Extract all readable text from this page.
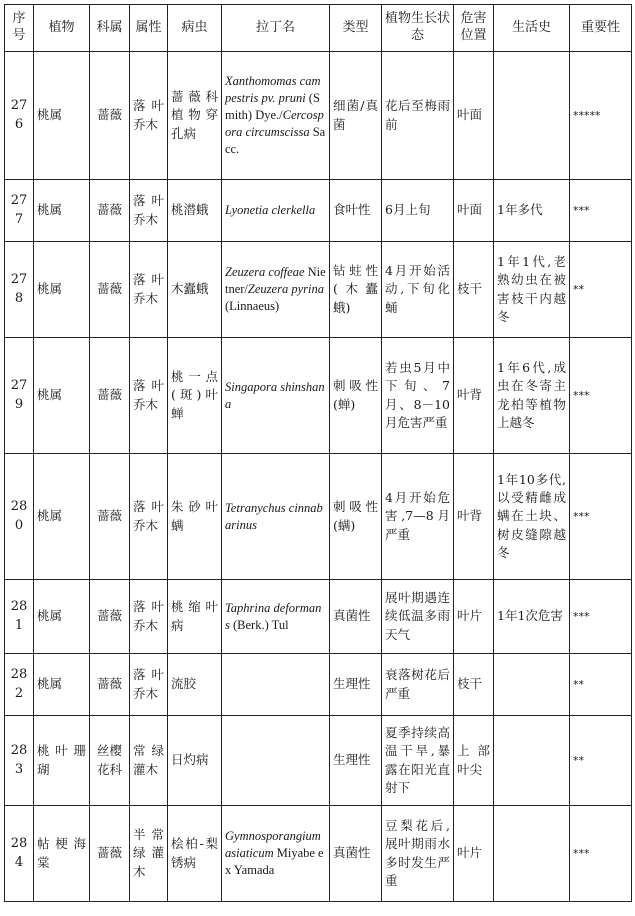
序号	植物	科属	属性	病虫	拉丁名	类型	植物生长状态	危害位置	生活史	重要性
276	桃属	蔷薇	落叶乔木	蔷薇科植物穿孔病	Xanthomomas campestris pv. pruni (Smith) Dye./Cercospora circumscissa Sacc.	细菌/真菌	花后至梅雨前	叶面		*****
277	桃属	蔷薇	落叶乔木	桃潜蛾	Lyonetia clerkella	食叶性	6月上旬	叶面	1年多代	***
278	桃属	蔷薇	落叶乔木	木蠹蛾	Zeuzera coffeae Nietner/Zeuzera pyrina (Linnaeus)	钻蛀性(木蠹蛾)	4月开始活动,下旬化蛹	枝干	1年1代,老熟幼虫在被害枝干内越冬	**
279	桃属	蔷薇	落叶乔木	桃一点(斑)叶蝉	Singapora shinshana	刺吸性(蝉)	若虫5月中下旬、7月、8－10月危害严重	叶背	1年6代,成虫在冬寄主龙柏等植物上越冬	***
280	桃属	蔷薇	落叶乔木	朱砂叶螨	Tetranychus cinnabarinus	刺吸性(螨)	4月开始危害,7—8月严重	叶背	1年10多代,以受精雌成螨在土块、树皮缝隙越冬	***
281	桃属	蔷薇	落叶乔木	桃缩叶病	Taphrina deformans (Berk.) Tul	真菌性	展叶期遇连续低温多雨天气	叶片	1年1次危害	***
282	桃属	蔷薇	落叶乔木	流胶		生理性	衰落树花后严重	枝干		**
283	桃叶珊瑚	丝樱花科	常绿灌木	日灼病		生理性	夏季持续高温干旱,暴露在阳光直射下	上部叶尖		**
284	帖梗海棠	蔷薇	半常绿灌木	桧柏-梨锈病	Gymnosporangium asiaticum Miyabe ex Yamada	真菌性	豆梨花后,展叶期雨水多时发生严重	叶片		***
